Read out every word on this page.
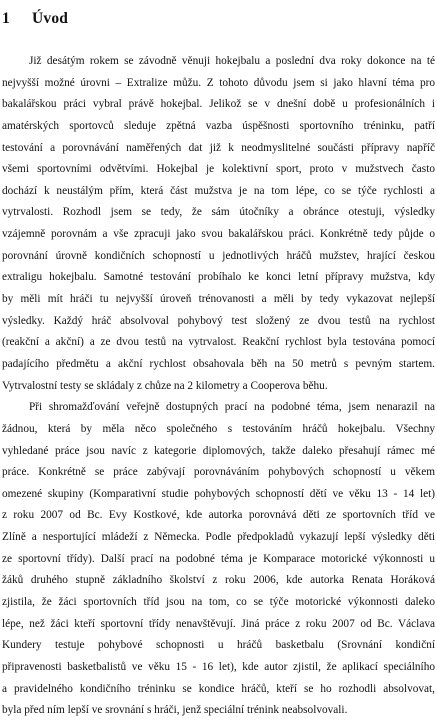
1 Úvod
Již desátým rokem se závodně věnuji hokejbalu a poslední dva roky dokonce na té
nejvyšší možné úrovni – Extralize můžu. Z tohoto důvodu jsem si jako hlavní téma pro
bakalářskou práci vybral právě hokejbal. Jelikož se v dnešní době u profesionálních i
amatérských sportovců sleduje zpětná vazba úspěšnosti sportovního tréninku, patří
testování a porovnávání naměřených dat již k neodmyslitelné součásti přípravy napříč
všemi sportovními odvětvími. Hokejbal je kolektivní sport, proto v mužstvech často
dochází k neustálým přím, která část mužstva je na tom lépe, co se týče rychlosti a
vytrvalosti. Rozhodl jsem se tedy, že sám útočníky a obránce otestuji, výsledky
vzájemně porovnám a vše zpracuji jako svou bakalářskou práci. Konkrétně tedy půjde o
porovnání úrovně kondičních schopností u jednotlivých hráčů mužstev, hrající českou
extraligu hokejbalu. Samotné testování probíhalo ke konci letní přípravy mužstva, kdy
by měli mít hráči tu nejvyšší úroveň trénovanosti a měli by tedy vykazovat nejlepší
výsledky. Každý hráč absolvoval pohybový test složený ze dvou testů na rychlost
(reakční a akční) a ze dvou testů na vytrvalost. Reakční rychlost byla testována pomocí
padajícího předmětu a akční rychlost obsahovala běh na 50 metrů s pevným startem.
Vytrvalostní testy se skládaly z chůze na 2 kilometry a Cooperova běhu.
Při shromažďování veřejně dostupných prací na podobné téma, jsem nenarazil na
žádnou, která by měla něco společného s testováním hráčů hokejbalu. Všechny
vyhledané práce jsou navíc z kategorie diplomových, takže daleko přesahují rámec mé
práce. Konkrétně se práce zabývají porovnáváním pohybových schopností u věkem
omezené skupiny (Komparativní studie pohybových schopností dětí ve věku 13 - 14 let)
z roku 2007 od Bc. Evy Kostkové, kde autorka porovnává děti ze sportovních tříd ve
Zlíně a nesportující mládeží z Německa. Podle předpokladů vykazují lepší výsledky děti
ze sportovní třídy). Další prací na podobné téma je Komparace motorické výkonnosti u
žáků druhého stupně základního školství z roku 2006, kde autorka Renata Horáková
zjistila, že žáci sportovních tříd jsou na tom, co se týče motorické výkonnosti daleko
lépe, než žáci kteří sportovní třídy nenavštěvují. Jiná práce z roku 2007 od Bc. Václava
Kundery testuje pohybové schopnosti u hráčů basketbalu (Srovnání kondiční
připravenosti basketbalistů ve věku 15 - 16 let), kde autor zjistil, že aplikací speciálního
a pravidelného kondičního tréninku se kondice hráčů, kteří se ho rozhodli absolvovat,
byla před ním lepší ve srovnání s hráči, jenž speciální trénink neabsolvovali.
